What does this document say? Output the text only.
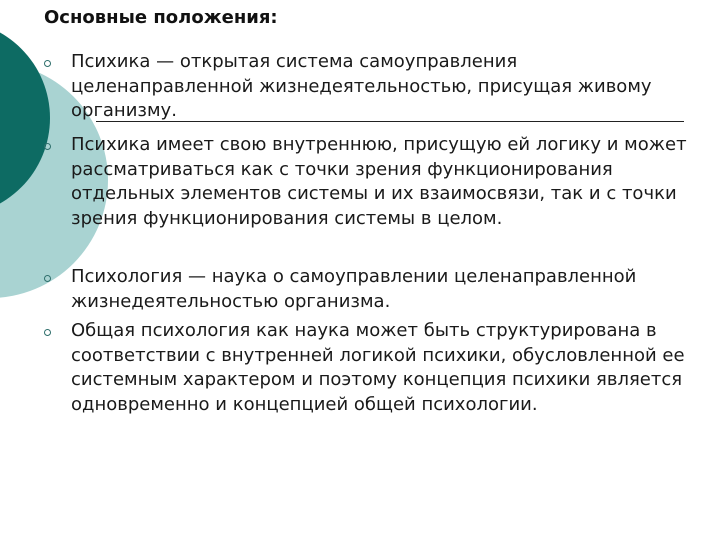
Основные положения:
Психика — открытая система самоуправления целенаправленной жизнедеятельностью, присущая живому организму.
Психика имеет свою внутреннюю, присущую ей логику и может рассматриваться как с точки зрения функционирования отдельных элементов системы и их взаимосвязи, так и с точки зрения функционирования системы в целом.
Психология — наука о самоуправлении целенаправленной жизнедеятельностью организма.
Общая психология как наука может быть структурирована в соответствии с внутренней логикой психики, обусловленной ее системным характером и поэтому концепция психики является одновременно и концепцией общей психологии.
